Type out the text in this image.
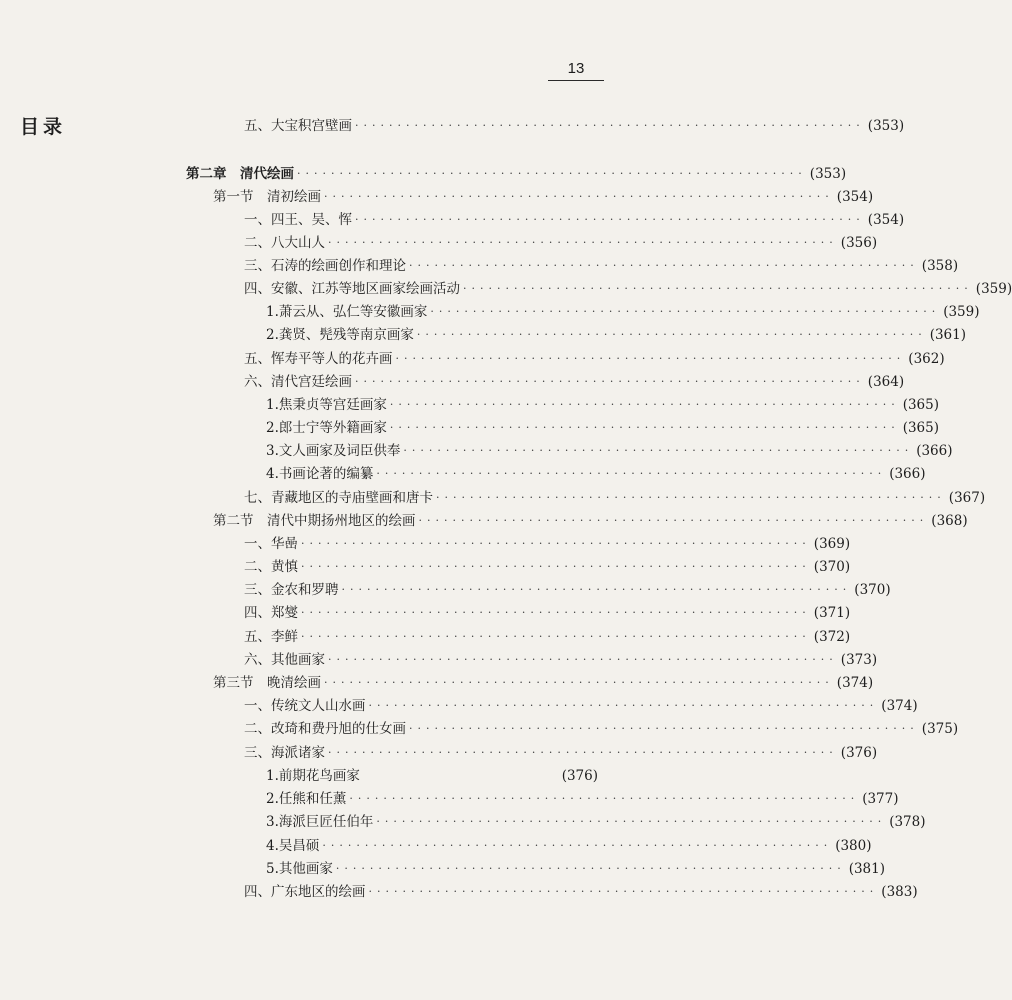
13
目录	五、大宝积宫壁画 ···························································· (353)
第二章　清代绘画 ···························································· (353)
第一节　清初绘画 ···························································· (354)
一、四王、吴、恽 ···························································· (354)
二、八大山人 ···························································· (356)
三、石涛的绘画创作和理论 ···························································· (358)
四、安徽、江苏等地区画家绘画活动 ···························································· (359)
1.萧云从、弘仁等安徽画家 ···························································· (359)
2.龚贤、髡残等南京画家 ···························································· (361)
五、恽寿平等人的花卉画 ···························································· (362)
六、清代宫廷绘画 ···························································· (364)
1.焦秉贞等宫廷画家 ···························································· (365)
2.郎士宁等外籍画家 ···························································· (365)
3.文人画家及词臣供奉 ···························································· (366)
4.书画论著的编纂 ···························································· (366)
七、青藏地区的寺庙壁画和唐卡 ···························································· (367)
第二节　清代中期扬州地区的绘画 ···························································· (368)
一、华喦 ···························································· (369)
二、黄慎 ···························································· (370)
三、金农和罗聘 ···························································· (370)
四、郑燮 ···························································· (371)
五、李鲜 ···························································· (372)
六、其他画家 ···························································· (373)
第三节　晚清绘画 ···························································· (374)
一、传统文人山水画 ···························································· (374)
二、改琦和费丹旭的仕女画 ···························································· (375)
三、海派诸家 ···························································· (376)
1.前期花鸟画家	(376)
2.任熊和任薰 ···························································· (377)
3.海派巨匠任伯年 ···························································· (378)
4.吴昌硕 ···························································· (380)
5.其他画家 ···························································· (381)
四、广东地区的绘画 ···························································· (383)
